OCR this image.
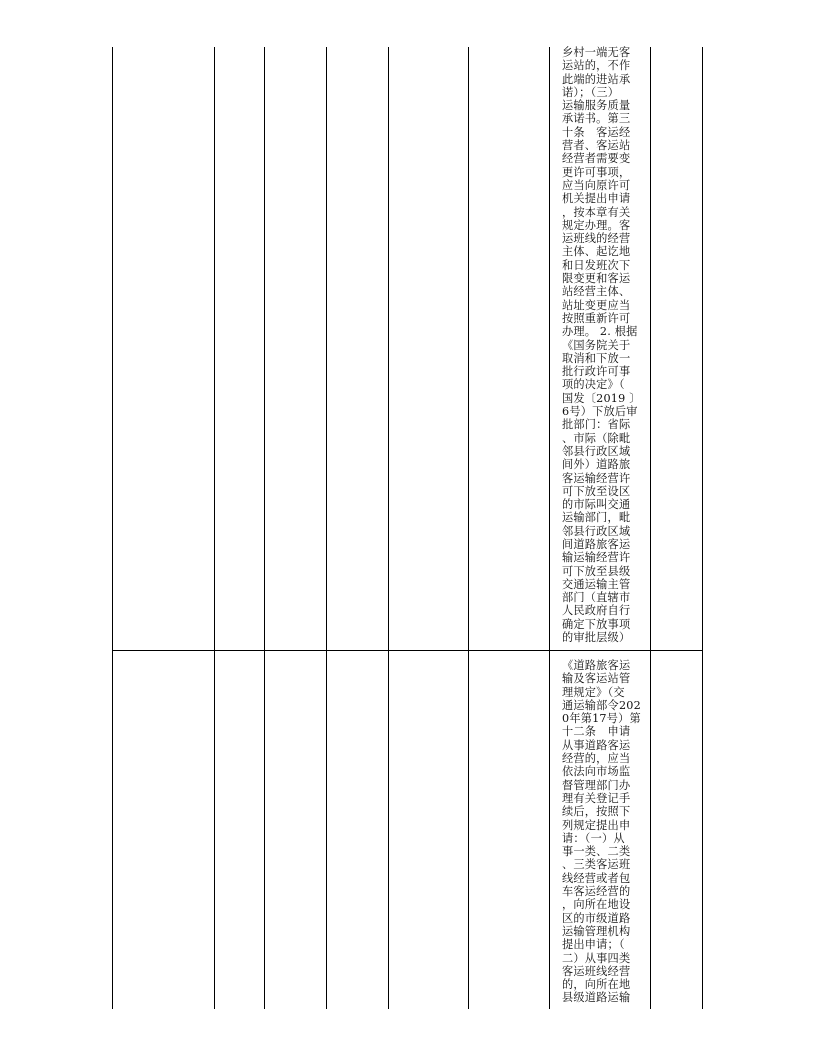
乡村一端无客
运站的，不作
此端的进站承
诺）；（三）
运输服务质量
承诺书。第三
十条　客运经
营者、客运站
经营者需要变
更许可事项，
应当向原许可
机关提出申请
，按本章有关
规定办理。客
运班线的经营
主体、起讫地
和日发班次下
限变更和客运
站经营主体、
站址变更应当
按照重新许可
办理。 2. 根据
《国务院关于
取消和下放一
批行政许可事
项的决定》（
国发〔2019 〕
6号）下放后审
批部门：省际
、市际（除毗
邻县行政区域
间外）道路旅
客运输经营许
可下放至设区
的市际叫交通
运输部门，毗
邻县行政区域
间道路旅客运
输运输经营许
可下放至县级
交通运输主管
部门（直辖市
人民政府自行
确定下放事项
的审批层级）
《道路旅客运
输及客运站管
理规定》（交
通运输部令202
0年第17号）第
十二条　申请
从事道路客运
经营的，应当
依法向市场监
督管理部门办
理有关登记手
续后，按照下
列规定提出申
请：（一）从
事一类、二类
、三类客运班
线经营或者包
车客运经营的
，向所在地设
区的市级道路
运输管理机构
提出申请；（
二）从事四类
客运班线经营
的，向所在地
县级道路运输
